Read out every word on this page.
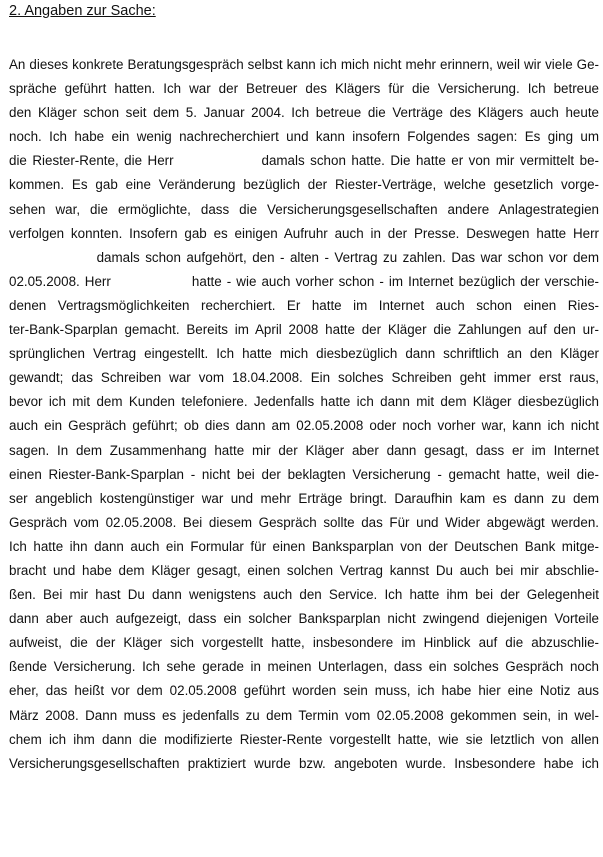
2. Angaben zur Sache:
An dieses konkrete Beratungsgespräch selbst kann ich mich nicht mehr erinnern, weil wir viele Ge-
spräche geführt hatten. Ich war der Betreuer des Klägers für die Versicherung. Ich betreue
den Kläger schon seit dem 5. Januar 2004. Ich betreue die Verträge des Klägers auch heute
noch. Ich habe ein wenig nachrecherchiert und kann insofern Folgendes sagen: Es ging um
die Riester-Rente, die Herr                damals schon hatte. Die hatte er von mir vermittelt be-
kommen. Es gab eine Veränderung bezüglich der Riester-Verträge, welche gesetzlich vorge-
sehen war, die ermöglichte, dass die Versicherungsgesellschaften andere Anlagestrategien
verfolgen konnten. Insofern gab es einigen Aufruhr auch in der Presse. Deswegen hatte Herr
damals schon aufgehört, den - alten - Vertrag zu zahlen. Das war schon vor dem
02.05.2008. Herr                hatte - wie auch vorher schon - im Internet bezüglich der verschie-
denen Vertragsmöglichkeiten recherchiert. Er hatte im Internet auch schon einen Ries-
ter-Bank-Sparplan gemacht. Bereits im April 2008 hatte der Kläger die Zahlungen auf den ur-
sprünglichen Vertrag eingestellt. Ich hatte mich diesbezüglich dann schriftlich an den Kläger
gewandt; das Schreiben war vom 18.04.2008. Ein solches Schreiben geht immer erst raus,
bevor ich mit dem Kunden telefoniere. Jedenfalls hatte ich dann mit dem Kläger diesbezüglich
auch ein Gespräch geführt; ob dies dann am 02.05.2008 oder noch vorher war, kann ich nicht
sagen. In dem Zusammenhang hatte mir der Kläger aber dann gesagt, dass er im Internet
einen Riester-Bank-Sparplan - nicht bei der beklagten Versicherung - gemacht hatte, weil die-
ser angeblich kostengünstiger war und mehr Erträge bringt. Daraufhin kam es dann zu dem
Gespräch vom 02.05.2008. Bei diesem Gespräch sollte das Für und Wider abgewägt werden.
Ich hatte ihn dann auch ein Formular für einen Banksparplan von der Deutschen Bank mitge-
bracht und habe dem Kläger gesagt, einen solchen Vertrag kannst Du auch bei mir abschlie-
ßen. Bei mir hast Du dann wenigstens auch den Service. Ich hatte ihm bei der Gelegenheit
dann aber auch aufgezeigt, dass ein solcher Banksparplan nicht zwingend diejenigen Vorteile
aufweist, die der Kläger sich vorgestellt hatte, insbesondere im Hinblick auf die abzuschlie-
ßende Versicherung. Ich sehe gerade in meinen Unterlagen, dass ein solches Gespräch noch
eher, das heißt vor dem 02.05.2008 geführt worden sein muss, ich habe hier eine Notiz aus
März 2008. Dann muss es jedenfalls zu dem Termin vom 02.05.2008 gekommen sein, in wel-
chem ich ihm dann die modifizierte Riester-Rente vorgestellt hatte, wie sie letztlich von allen
Versicherungsgesellschaften praktiziert wurde bzw. angeboten wurde. Insbesondere habe ich
